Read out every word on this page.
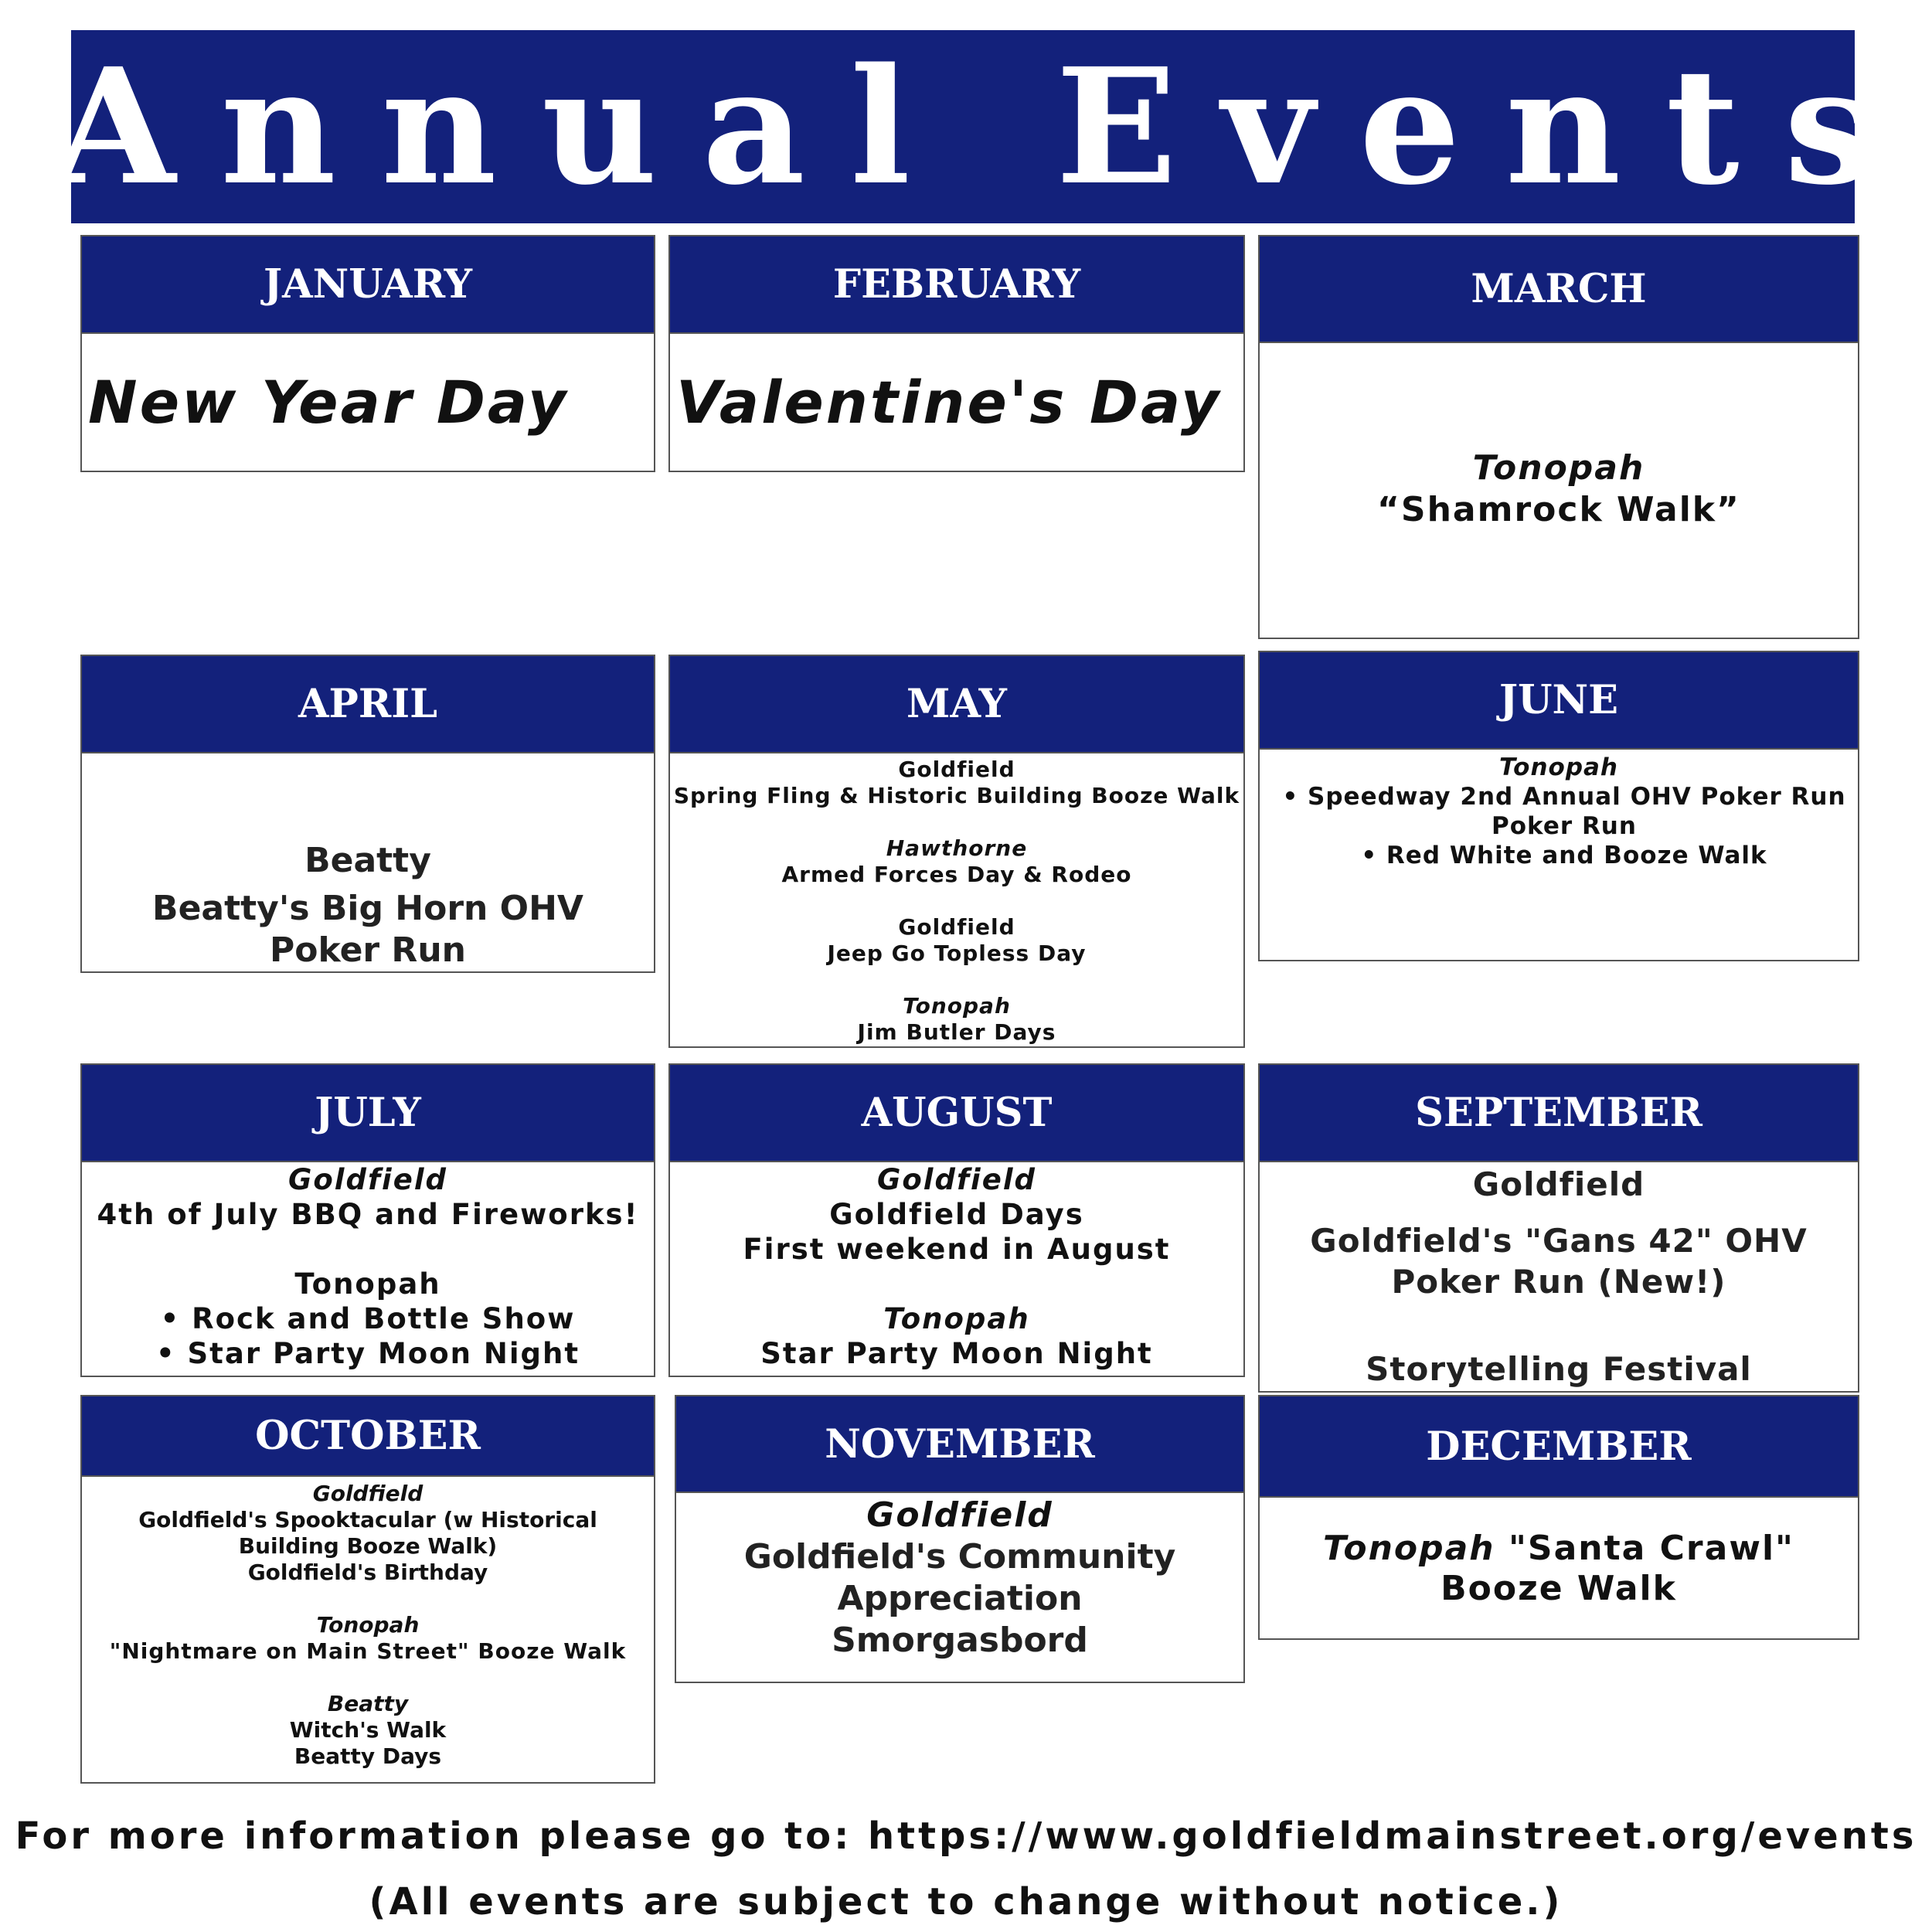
Annual Events
JANUARY
New Year Day
FEBRUARY
Valentine's Day
MARCH
Tonopah
“Shamrock Walk”
APRIL
Beatty
Beatty's Big Horn OHV Poker Run
MAY
Goldfield
Spring Fling & Historic Building Booze Walk
Hawthorne
Armed Forces Day & Rodeo
Goldfield
Jeep Go Topless Day
Tonopah
Jim Butler Days
JUNE
Tonopah
• Speedway 2nd Annual OHV Poker Run
Poker Run
• Red White and Booze Walk
JULY
Goldfield
4th of July BBQ and Fireworks!
Tonopah
• Rock and Bottle Show
• Star Party Moon Night
AUGUST
Goldfield
Goldfield Days
First weekend in August
Tonopah
Star Party Moon Night
SEPTEMBER
Goldfield
Goldfield's "Gans 42" OHV Poker Run (New!)
Storytelling Festival
OCTOBER
Goldfield
Goldfield's Spooktacular (w Historical Building Booze Walk)
Goldfield's Birthday
Tonopah
"Nightmare on Main Street" Booze Walk
Beatty
Witch's Walk
Beatty Days
NOVEMBER
Goldfield
Goldfield's Community Appreciation Smorgasbord
DECEMBER
Tonopah "Santa Crawl" Booze Walk
For more information please go to: https://www.goldfieldmainstreet.org/events
(All events are subject to change without notice.)
